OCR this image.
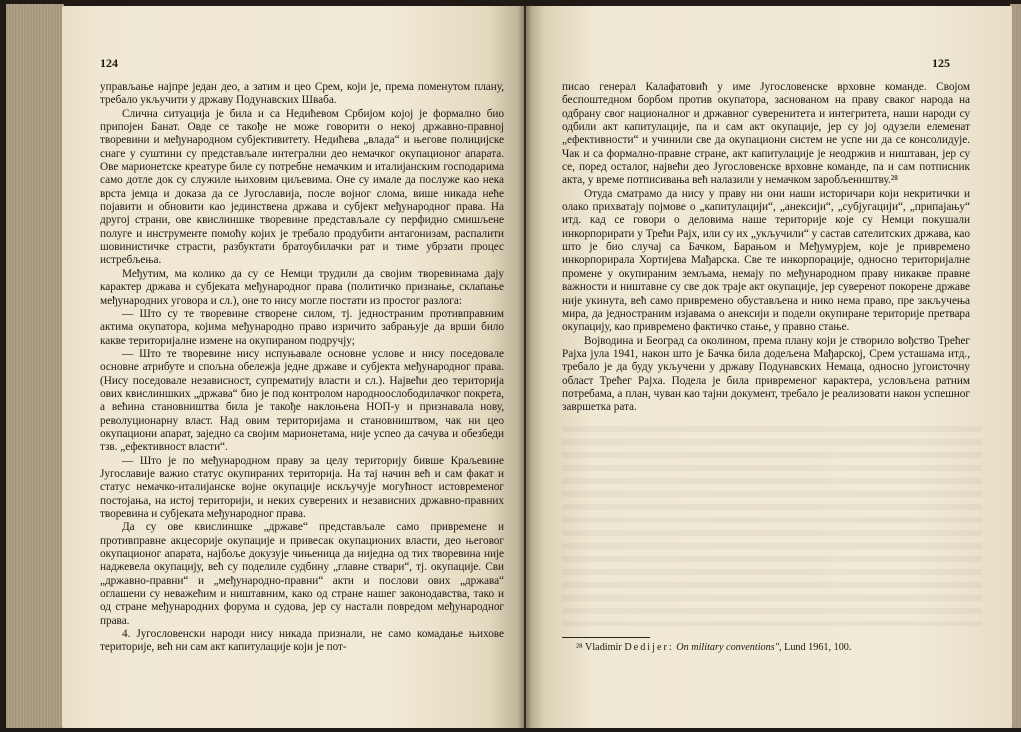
124

управљање најпре један део, а затим и цео Срем, који је, према поменутом плану, требало укључити у државу Подунавских Шваба.

Слична ситуација је била и са Недићевом Србијом којој је формално био припојен Банат. Овде се такође не може говорити о некој државно-правној творевини и међународном субјективитету. Недићева „влада“ и његове полицијске снаге у суштини су представљале интегрални део немачког окупационог апарата. Ове марионетске креатуре биле су потребне немачким и италијанским господарима само дотле док су служиле њиховим циљевима. Оне су имале да послуже као нека врста јемца и доказа да се Југославија, после војног слома, више никада неће појавити и обновити као јединствена држава и субјект међународног права. На другој страни, ове квислиншке творевине представљале су перфидно смишљене полуге и инструменте помоћу којих је требало продубити антагонизам, распалити шовинистичке страсти, разбуктати братоубилачки рат и тиме убрзати процес истребљења.

Међутим, ма колико да су се Немци трудили да својим творевинама дају карактер држава и субјеката међународног права (политичко признање, склапање међународних уговора и сл.), оне то нису могле постати из простог разлога:

— Што су те творевине створене силом, тј. једностраним противправним актима окупатора, којима међународно право изричито забрањује да врши било какве територијалне измене на окупираном подручју;

— Што те творевине нису испуњавале основне услове и нису поседовале основне атрибуте и спољна обележја једне државе и субјекта међународног права. (Нису поседовале независност, супрематију власти и сл.). Највећи део територија ових квислиншких „држава“ био је под контролом народноослободилачког покрета, а већина становништва била је такође наклоњена НОП-у и признавала нову, револуционарну власт. Над овим територијама и становништвом, чак ни цео окупациони апарат, заједно са својим марионетама, није успео да сачува и обезбеди тзв. „ефективност власти“.

— Што је по међународном праву за целу територију бивше Краљевине Југославије важио статус окупираних територија. На тај начин већ и сам факат и статус немачко-италијанске војне окупације искључује могућност истовременог постојања, на истој територији, и неких суверених и независних државно-правних творевина и субјеката међународног права.

Да су ове квислиншке „државе“ представљале само привремене и противправне акцесорије окупације и привесак окупационих власти, део његовог окупационог апарата, најбоље докузује чињеница да ниједна од тих творевина није наджевела окупацију, већ су поделиле судбину „главне ствари“, тј. окупације. Сви „државно-правни“ и „међународно-правни“ акти и послови ових „држава“ оглашени су неважећим и ништавним, како од стране нашег законодавства, тако и од стране међународних форума и судова, јер су настали повредом међународног права.

4. Југословенски народи нису никада признали, не само комадање њихове територије, већ ни сам акт капитулације који је пот-

125

писао генерал Калафатовић у име Југословенске врховне команде. Својом беспоштедном борбом против окупатора, заснованом на праву сваког народа на одбрану свог националног и државног суверенитета и интегритета, наши народи су одбили акт капитулације, па и сам акт окупације, јер су јој одузели елеменат „ефективности“ и учинили све да окупациони систем не успе ни да се консолидује. Чак и са формално-правне стране, акт капитулације је неодржив и ништаван, јер су се, поред осталог, највећи део Југословенске врховне команде, па и сам потписник акта, у време потписивања већ налазили у немачком заробљеништву.²⁸

Отуда сматрамо да нису у праву ни они наши историчари који некритички и олако прихватају појмове о „капитулацији“, „анексији“, „субјугацији“, „припајању“ итд. кад се говори о деловима наше територије које су Немци покушали инкорпорирати у Трећи Рајх, или су их „укључили“ у састав сателитских држава, као што је био случај са Бачком, Барањом и Међумурјем, које је привремено инкорпорирала Хортијева Мађарска. Све те инкорпорације, односно територијалне промене у окупираним земљама, немају по међународном праву никакве правне важности и ништавне су све док траје акт окупације, јер суверенот покорене државе није укинута, већ само привремено обустављена и нико нема право, пре закључења мира, да једностраним изјавама о анексији и подели окупиране територије претвара окупацију, као привремено фактичко стање, у правно стање.

Војводина и Београд са околином, према плану који је створило вођство Трећег Рајха јула 1941, након што је Бачка била додељена Мађарској, Срем усташама итд., требало је да буду укључени у државу Подунавских Немаца, односно југоисточну област Трећег Рајха. Подела је била привременог карактера, условљена ратним потребама, а план, чуван као тајни документ, требало је реализовати након успешног завршетка рата.

²⁸ Vladimir Dedijer: On military conventions", Lund 1961, 100.
